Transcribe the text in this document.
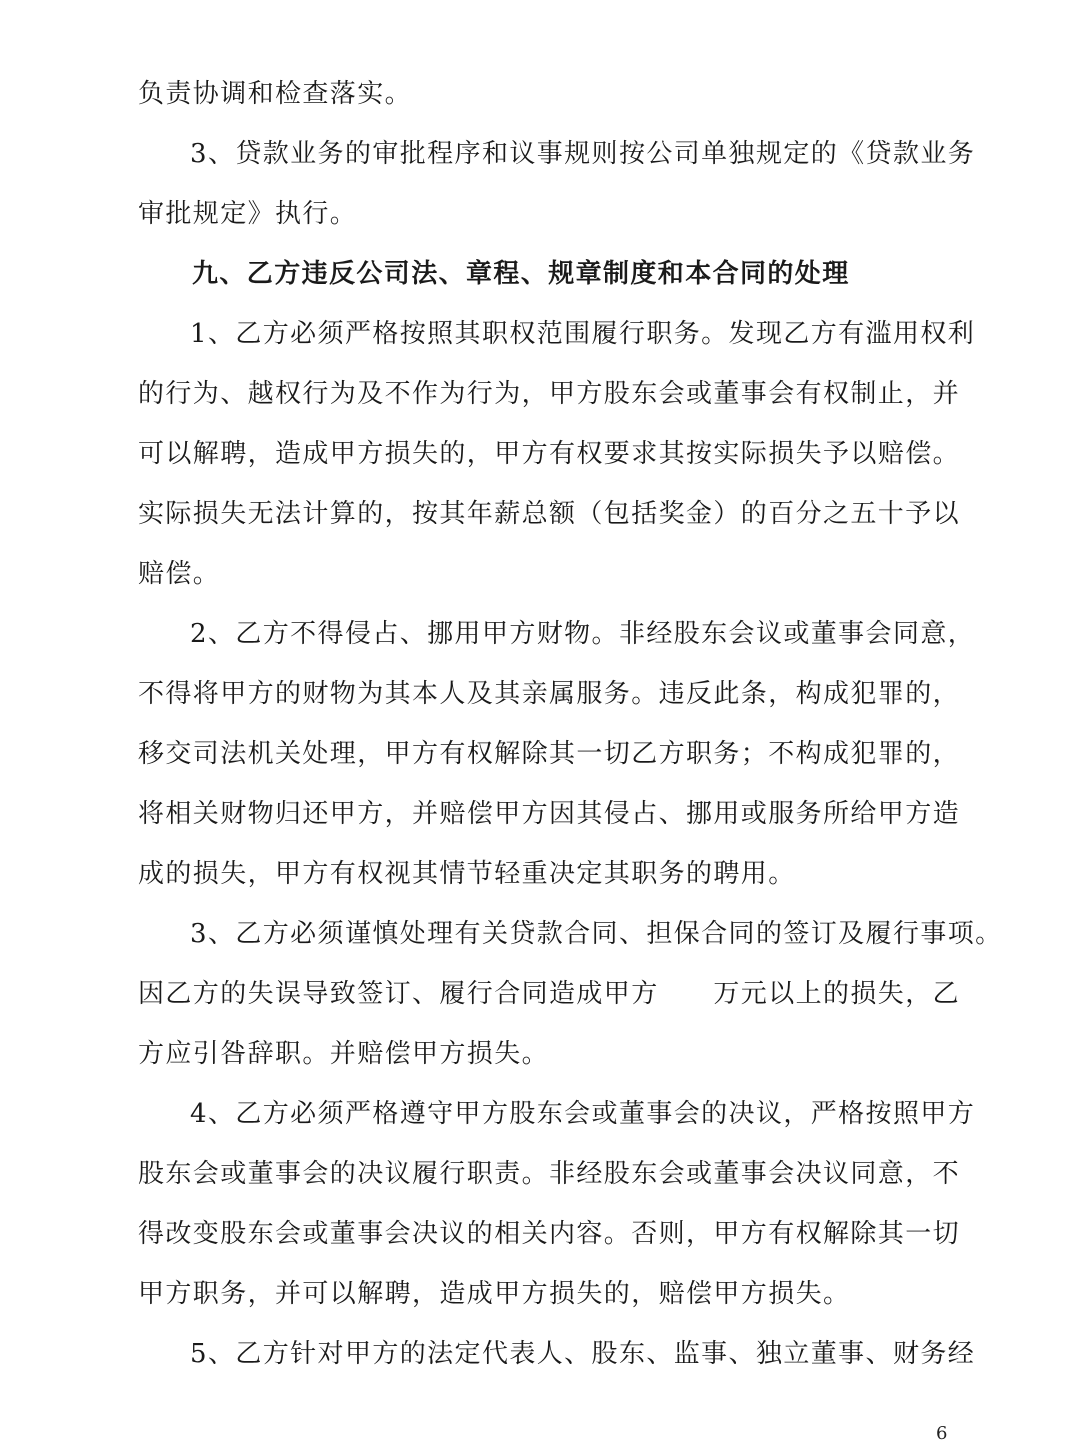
负责协调和检查落实。
3、贷款业务的审批程序和议事规则按公司单独规定的《贷款业务
审批规定》执行。
九、乙方违反公司法、章程、规章制度和本合同的处理
1、乙方必须严格按照其职权范围履行职务。发现乙方有滥用权利
的行为、越权行为及不作为行为，甲方股东会或董事会有权制止，并
可以解聘，造成甲方损失的，甲方有权要求其按实际损失予以赔偿。
实际损失无法计算的，按其年薪总额（包括奖金）的百分之五十予以
赔偿。
2、乙方不得侵占、挪用甲方财物。非经股东会议或董事会同意，
不得将甲方的财物为其本人及其亲属服务。违反此条，构成犯罪的，
移交司法机关处理，甲方有权解除其一切乙方职务；不构成犯罪的，
将相关财物归还甲方，并赔偿甲方因其侵占、挪用或服务所给甲方造
成的损失，甲方有权视其情节轻重决定其职务的聘用。
3、乙方必须谨慎处理有关贷款合同、担保合同的签订及履行事项。
因乙方的失误导致签订、履行合同造成甲方　　万元以上的损失，乙
方应引咎辞职。并赔偿甲方损失。
4、乙方必须严格遵守甲方股东会或董事会的决议，严格按照甲方
股东会或董事会的决议履行职责。非经股东会或董事会决议同意，不
得改变股东会或董事会决议的相关内容。否则，甲方有权解除其一切
甲方职务，并可以解聘，造成甲方损失的，赔偿甲方损失。
5、乙方针对甲方的法定代表人、股东、监事、独立董事、财务经
6
